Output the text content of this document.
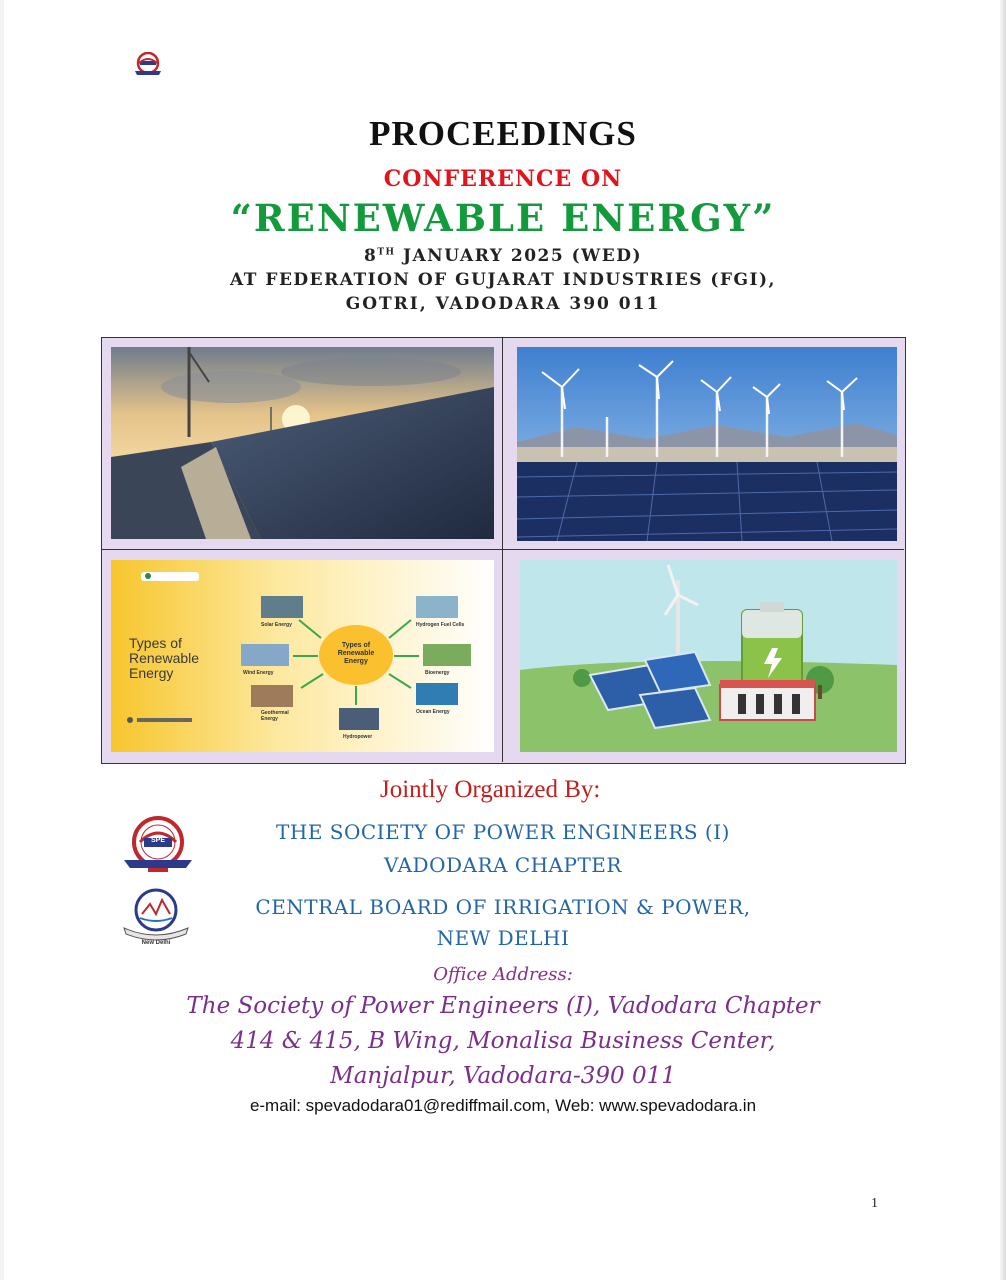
PROCEEDINGS
CONFERENCE ON
“RENEWABLE ENERGY”
8TH JANUARY 2025 (WED)
AT FEDERATION OF GUJARAT INDUSTRIES (FGI),
GOTRI, VADODARA 390 011
Types of
Renewable
Energy
Types of
Renewable
Energy
Solar Energy	Hydrogen Fuel Cells
Wind Energy	Bioenergy
Geothermal Energy
Ocean Energy
Hydropower
Jointly Organized By:
SPE
New Delhi
THE SOCIETY OF POWER ENGINEERS (I)
VADODARA CHAPTER
CENTRAL BOARD OF IRRIGATION & POWER,
NEW DELHI
Office Address:
The Society of Power Engineers (I), Vadodara Chapter
414 & 415, B Wing, Monalisa Business Center,
Manjalpur, Vadodara-390 011
e-mail: spevadodara01@rediffmail.com, Web: www.spevadodara.in
1
